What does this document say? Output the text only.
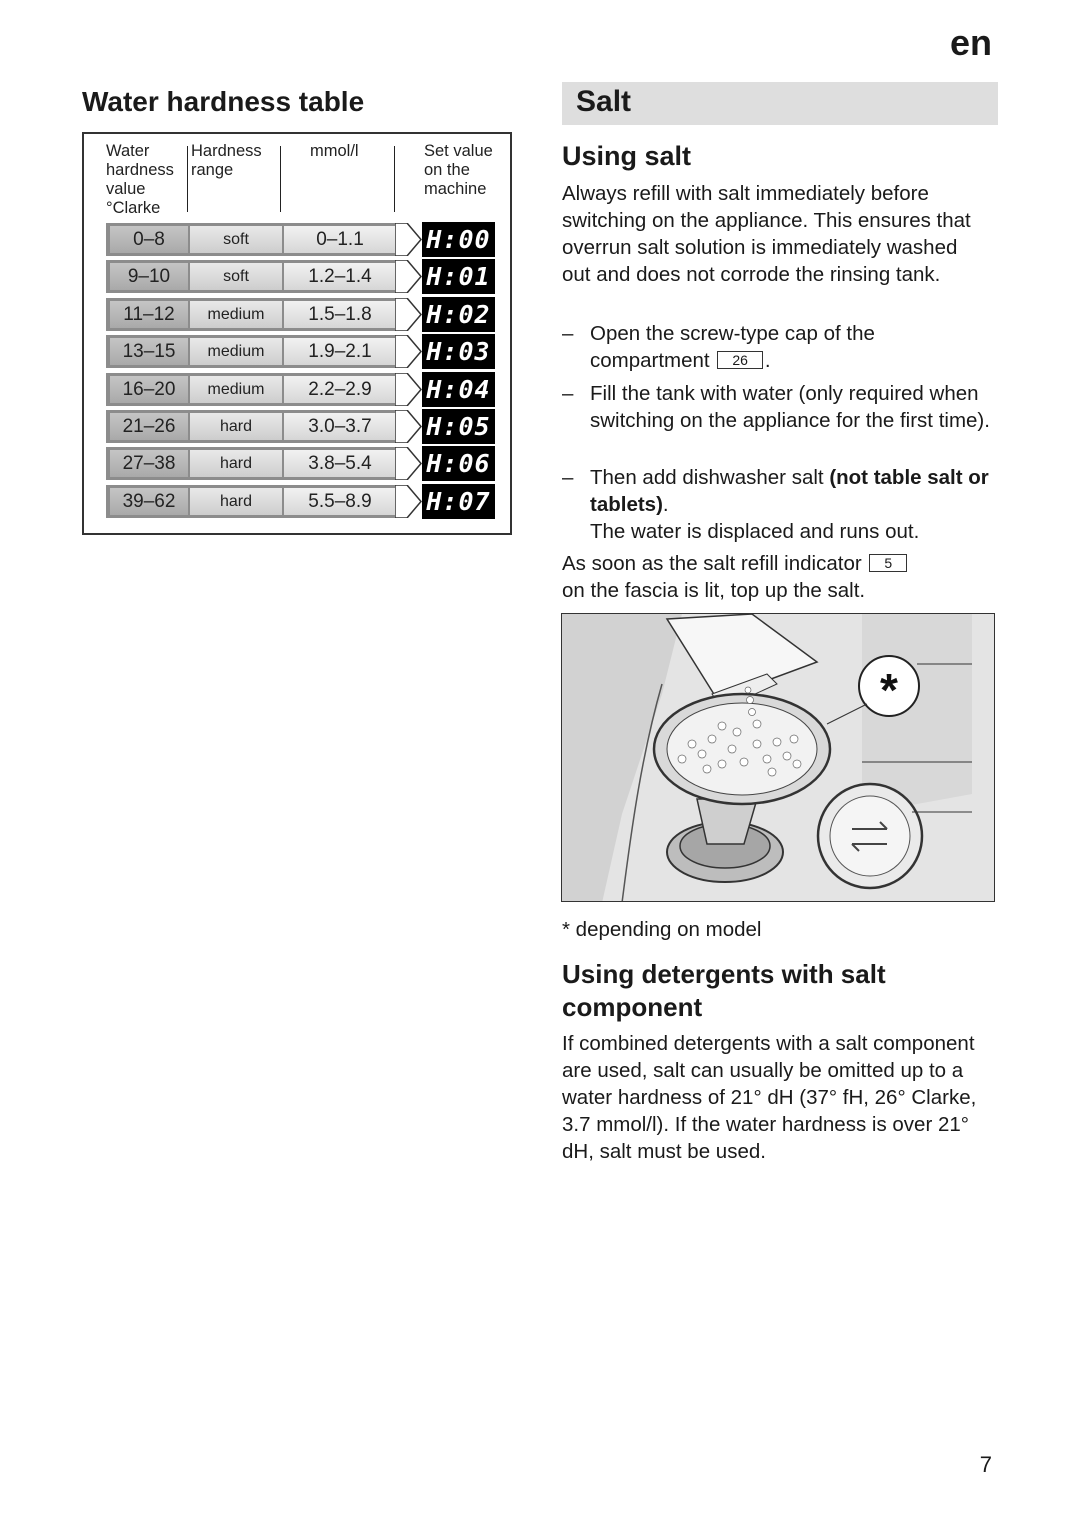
en
Water hardness table
Water
hardness
value
°Clarke
Hardness
range
mmol/l	Set value
on the
machine
0–8	soft	0–1.1	H:00
9–10	soft	1.2–1.4	H:01
11–12	medium	1.5–1.8	H:02
13–15	medium	1.9–2.1	H:03
16–20	medium	2.2–2.9	H:04
21–26	hard	3.0–3.7	H:05
27–38	hard	3.8–5.4	H:06
39–62	hard	5.5–8.9	H:07
Salt
Using salt

Always refill with salt immediately before switching on the appliance. This ensures that overrun salt solution is immediately washed out and does not corrode the rinsing tank.

– Open the screw-type cap of the compartment 26 .
– Fill the tank with water (only required when switching on the appliance for the first time).
– Then add dishwasher salt (not table salt or tablets).
The water is displaced and runs out.

As soon as the salt refill indicator 5
on the fascia is lit, top up the salt.

*
* depending on model
Using detergents with salt component

If combined detergents with a salt component are used, salt can usually be omitted up to a water hardness of 21° dH (37° fH, 26° Clarke, 3.7 mmol/l). If the water hardness is over 21° dH, salt must be used.

7
